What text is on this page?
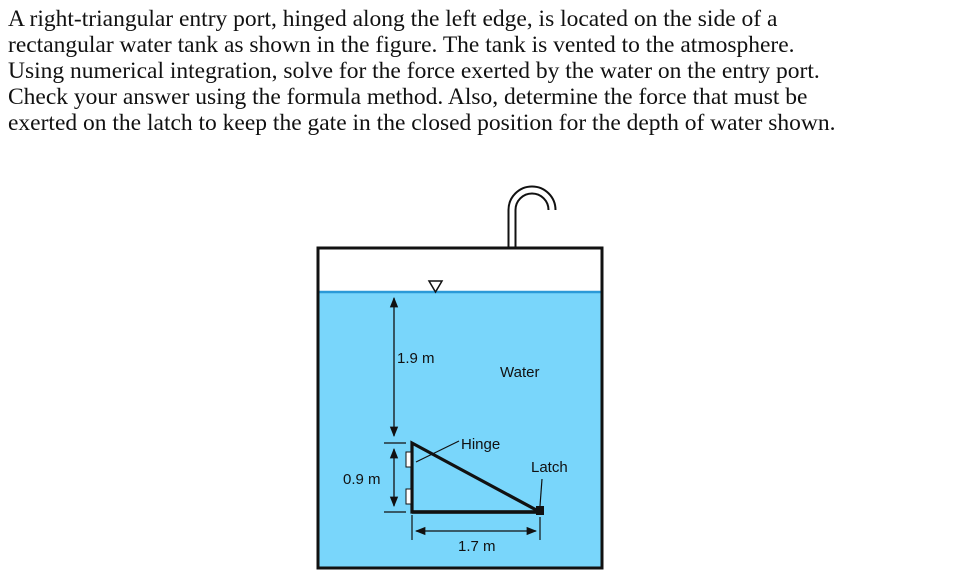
A right-triangular entry port, hinged along the left edge, is located on the side of a
rectangular water tank as shown in the figure. The tank is vented to the atmosphere.
Using numerical integration, solve for the force exerted by the water on the entry port.
Check your answer using the formula method. Also, determine the force that must be
exerted on the latch to keep the gate in the closed position for the depth of water shown.
1.9 m
0.9 m
Hinge
Latch
Water
1.7 m
